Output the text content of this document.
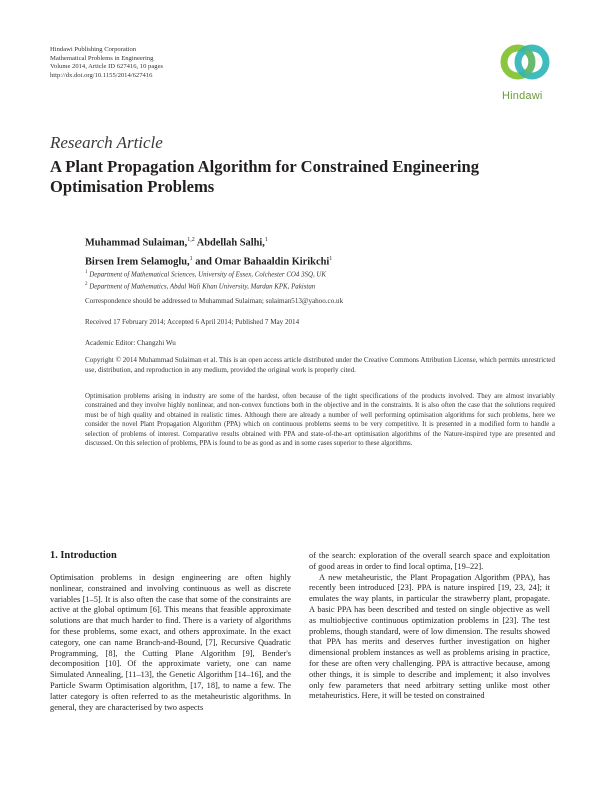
Hindawi Publishing Corporation
Mathematical Problems in Engineering
Volume 2014, Article ID 627416, 10 pages
http://dx.doi.org/10.1155/2014/627416
Hindawi
Research Article
A Plant Propagation Algorithm for Constrained Engineering Optimisation Problems
Muhammad Sulaiman,$^{1,2}$ Abdellah Salhi,$^1$
Birsen Irem Selamoglu,$^1$ and Omar Bahaaldin Kirikchi$^1$
$^1$ Department of Mathematical Sciences, University of Essex, Colchester CO4 3SQ, UK
$^2$ Department of Mathematics, Abdul Wali Khan University, Mardan KPK, Pakistan
Correspondence should be addressed to Muhammad Sulaiman; sulaiman513@yahoo.co.uk
Received 17 February 2014; Accepted 6 April 2014; Published 7 May 2014
Academic Editor: Changzhi Wu
Copyright © 2014 Muhammad Sulaiman et al. This is an open access article distributed under the Creative Commons Attribution License, which permits unrestricted use, distribution, and reproduction in any medium, provided the original work is properly cited.
Optimisation problems arising in industry are some of the hardest, often because of the tight specifications of the products involved. They are almost invariably constrained and they involve highly nonlinear, and non-convex functions both in the objective and in the constraints. It is also often the case that the solutions required must be of high quality and obtained in realistic times. Although there are already a number of well performing optimisation algorithms for such problems, here we consider the novel Plant Propagation Algorithm (PPA) which on continuous problems seems to be very competitive. It is presented in a modified form to handle a selection of problems of interest. Comparative results obtained with PPA and state-of-the-art optimisation algorithms of the Nature-inspired type are presented and discussed. On this selection of problems, PPA is found to be as good as and in some cases superior to these algorithms.
1. Introduction

Optimisation problems in design engineering are often highly nonlinear, constrained and involving continuous as well as discrete variables [1–5]. It is also often the case that some of the constraints are active at the global optimum [6]. This means that feasible approximate solutions are that much harder to find. There is a variety of algorithms for these problems, some exact, and others approximate. In the exact category, one can name Branch-and-Bound, [7], Recursive Quadratic Programming, [8], the Cutting Plane Algorithm [9], Bender's decomposition [10]. Of the approximate variety, one can name Simulated Annealing, [11–13], the Genetic Algorithm [14–16], and the Particle Swarm Optimisation algorithm, [17, 18], to name a few. The latter category is often referred to as the metaheuristic algorithms. In general, they are characterised by two aspects

of the search: exploration of the overall search space and exploitation of good areas in order to find local optima, [19–22].

A new metaheuristic, the Plant Propagation Algorithm (PPA), has recently been introduced [23]. PPA is nature inspired [19, 23, 24]; it emulates the way plants, in particular the strawberry plant, propagate. A basic PPA has been described and tested on single objective as well as multiobjective continuous optimization problems in [23]. The test problems, though standard, were of low dimension. The results showed that PPA has merits and deserves further investigation on higher dimensional problem instances as well as problems arising in practice, for these are often very challenging. PPA is attractive because, among other things, it is simple to describe and implement; it also involves only few parameters that need arbitrary setting unlike most other metaheuristics. Here, it will be tested on constrained
